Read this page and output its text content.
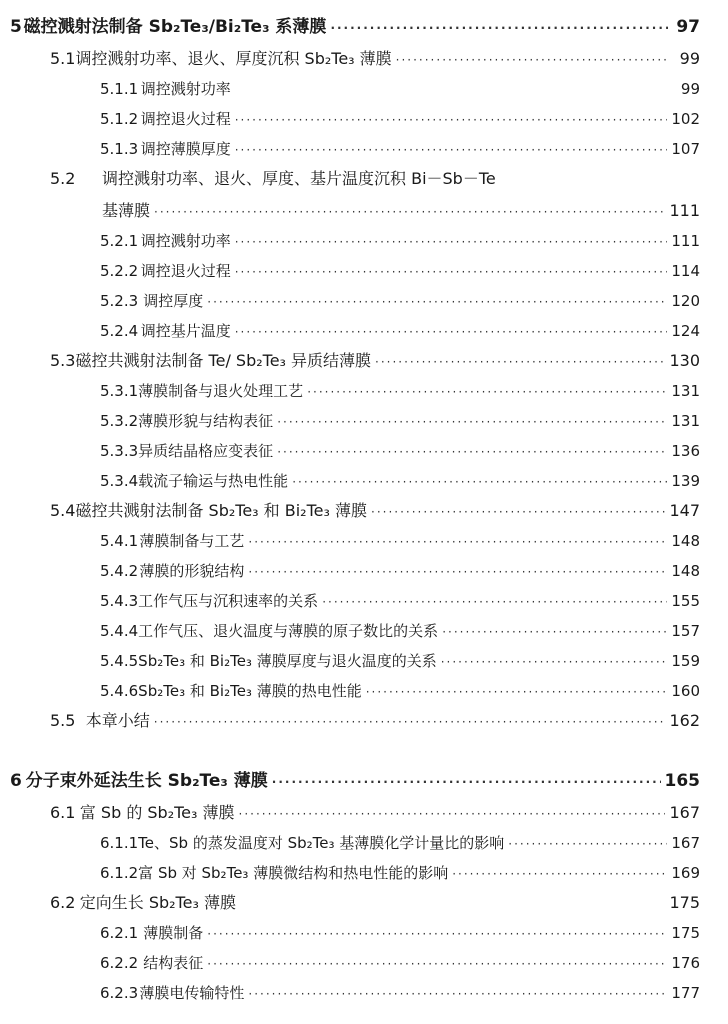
5 磁控溅射法制备 Sb₂Te₃/Bi₂Te₃ 系薄膜 ·····	97
5.1 调控溅射功率、退火、厚度沉积 Sb₂Te₃ 薄膜 ·····	99
5.1.1 调控溅射功率	99
5.1.2 调控退火过程 ·····	102
5.1.3 调控薄膜厚度 ·····	107
5.2	调控溅射功率、退火、厚度、基片温度沉积 Bi－Sb－Te
基薄膜 ·····	111
5.2.1 调控溅射功率 ·····	111
5.2.2 调控退火过程 ·····	114
5.2.3 调控厚度 ·····	120
5.2.4 调控基片温度 ·····	124
5.3 磁控共溅射法制备 Te/ Sb₂Te₃ 异质结薄膜 ·····	130
5.3.1 薄膜制备与退火处理工艺 ·····	131
5.3.2 薄膜形貌与结构表征 ·····	131
5.3.3 异质结晶格应变表征 ·····	136
5.3.4 载流子输运与热电性能 ·····	139
5.4 磁控共溅射法制备 Sb₂Te₃ 和 Bi₂Te₃ 薄膜 ·····	147
5.4.1 薄膜制备与工艺 ·····	148
5.4.2 薄膜的形貌结构 ·····	148
5.4.3 工作气压与沉积速率的关系 ·····	155
5.4.4 工作气压、退火温度与薄膜的原子数比的关系 ·····	157
5.4.5 Sb₂Te₃ 和 Bi₂Te₃ 薄膜厚度与退火温度的关系 ·····	159
5.4.6 Sb₂Te₃ 和 Bi₂Te₃ 薄膜的热电性能 ·····	160
5.5 本章小结 ·····	162
6 分子束外延法生长 Sb₂Te₃ 薄膜 ·····	165
6.1 富 Sb 的 Sb₂Te₃ 薄膜 ·····	167
6.1.1 Te、Sb 的蒸发温度对 Sb₂Te₃ 基薄膜化学计量比的影响 ·····	167
6.1.2 富 Sb 对 Sb₂Te₃ 薄膜微结构和热电性能的影响 ·····	169
6.2 定向生长 Sb₂Te₃ 薄膜	175
6.2.1 薄膜制备 ·····	175
6.2.2 结构表征 ·····	176
6.2.3 薄膜电传输特性 ·····	177
